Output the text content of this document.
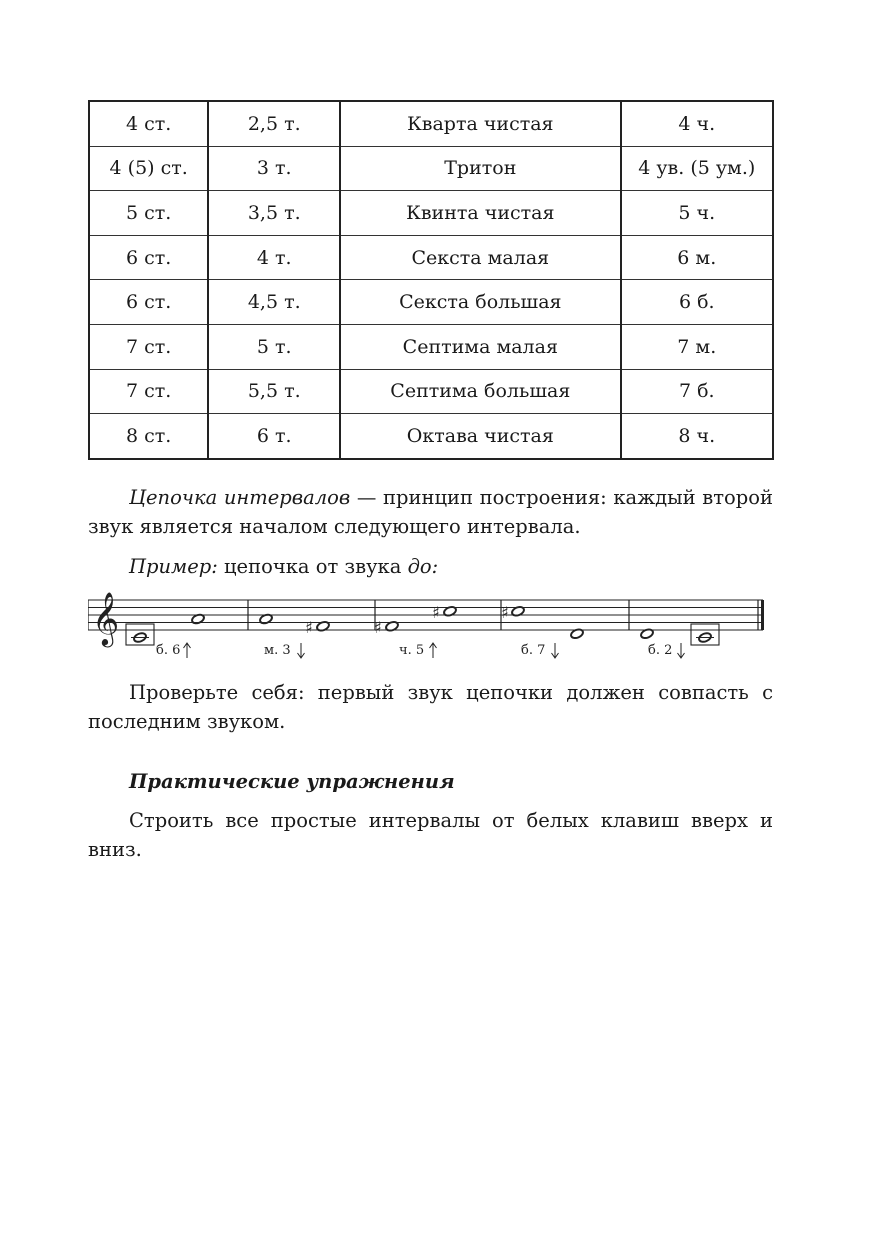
4 ст.	2,5 т.	Кварта чистая	4 ч.
4 (5) ст.	3 т.	Тритон	4 ув. (5 ум.)
5 ст.	3,5 т.	Квинта чистая	5 ч.
6 ст.	4 т.	Секста малая	6 м.
6 ст.	4,5 т.	Секста большая	6 б.
7 ст.	5 т.	Септима малая	7 м.
7 ст.	5,5 т.	Септима большая	7 б.
8 ст.	6 т.	Октава чистая	8 ч.

Цепочка интервалов — принцип построения: каждый второй звук является началом следующего интервала.

Пример: цепочка от звука до:

𝄞	♯	♯
♯	♯
б. 6	м. 3	ч. 5	б. 7	б. 2

Проверьте себя: первый звук цепочки должен совпасть с последним звуком.

Практические упражнения

Строить все простые интервалы от белых клавиш вверх и вниз.
